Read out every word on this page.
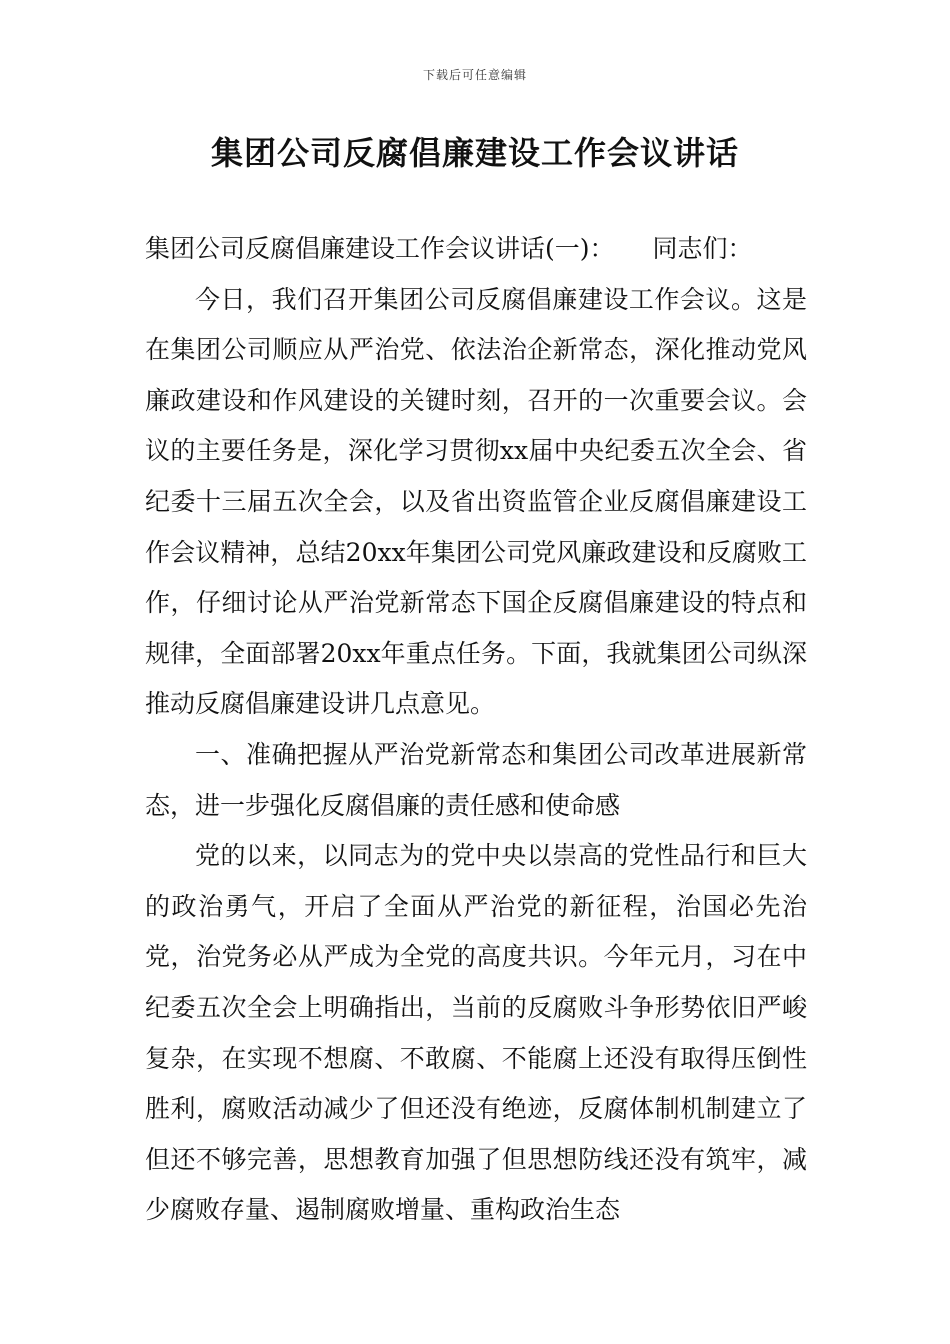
下载后可任意编辑
集团公司反腐倡廉建设工作会议讲话

集团公司反腐倡廉建设工作会议讲话(一)： 同志们：

今日，我们召开集团公司反腐倡廉建设工作会议。这是在集团公司顺应从严治党、依法治企新常态，深化推动党风廉政建设和作风建设的关键时刻，召开的一次重要会议。会议的主要任务是，深化学习贯彻xx届中央纪委五次全会、省纪委十三届五次全会，以及省出资监管企业反腐倡廉建设工作会议精神，总结20xx年集团公司党风廉政建设和反腐败工作，仔细讨论从严治党新常态下国企反腐倡廉建设的特点和规律，全面部署20xx年重点任务。下面，我就集团公司纵深推动反腐倡廉建设讲几点意见。

一、准确把握从严治党新常态和集团公司改革进展新常态，进一步强化反腐倡廉的责任感和使命感

党的以来，以同志为的党中央以崇高的党性品行和巨大的政治勇气，开启了全面从严治党的新征程，治国必先治党，治党务必从严成为全党的高度共识。今年元月，习在中纪委五次全会上明确指出，当前的反腐败斗争形势依旧严峻复杂，在实现不想腐、不敢腐、不能腐上还没有取得压倒性胜利，腐败活动减少了但还没有绝迹，反腐体制机制建立了但还不够完善，思想教育加强了但思想防线还没有筑牢，减少腐败存量、遏制腐败增量、重构政治生态
